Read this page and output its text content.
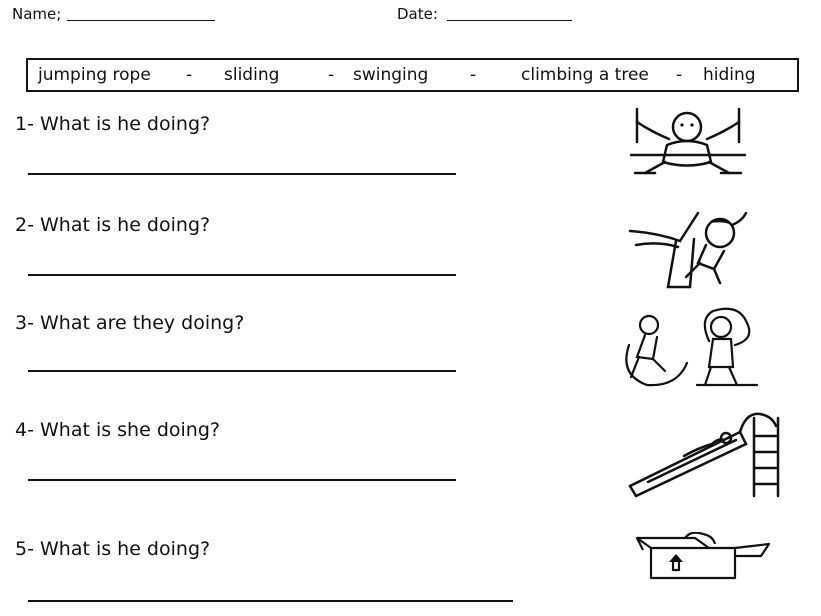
Name;	Date:
jumping rope - sliding	- swinging -	climbing a tree - hiding
1- What is he doing?
2- What is he doing?
3- What are they doing?
4- What is she doing?
5- What is he doing?
